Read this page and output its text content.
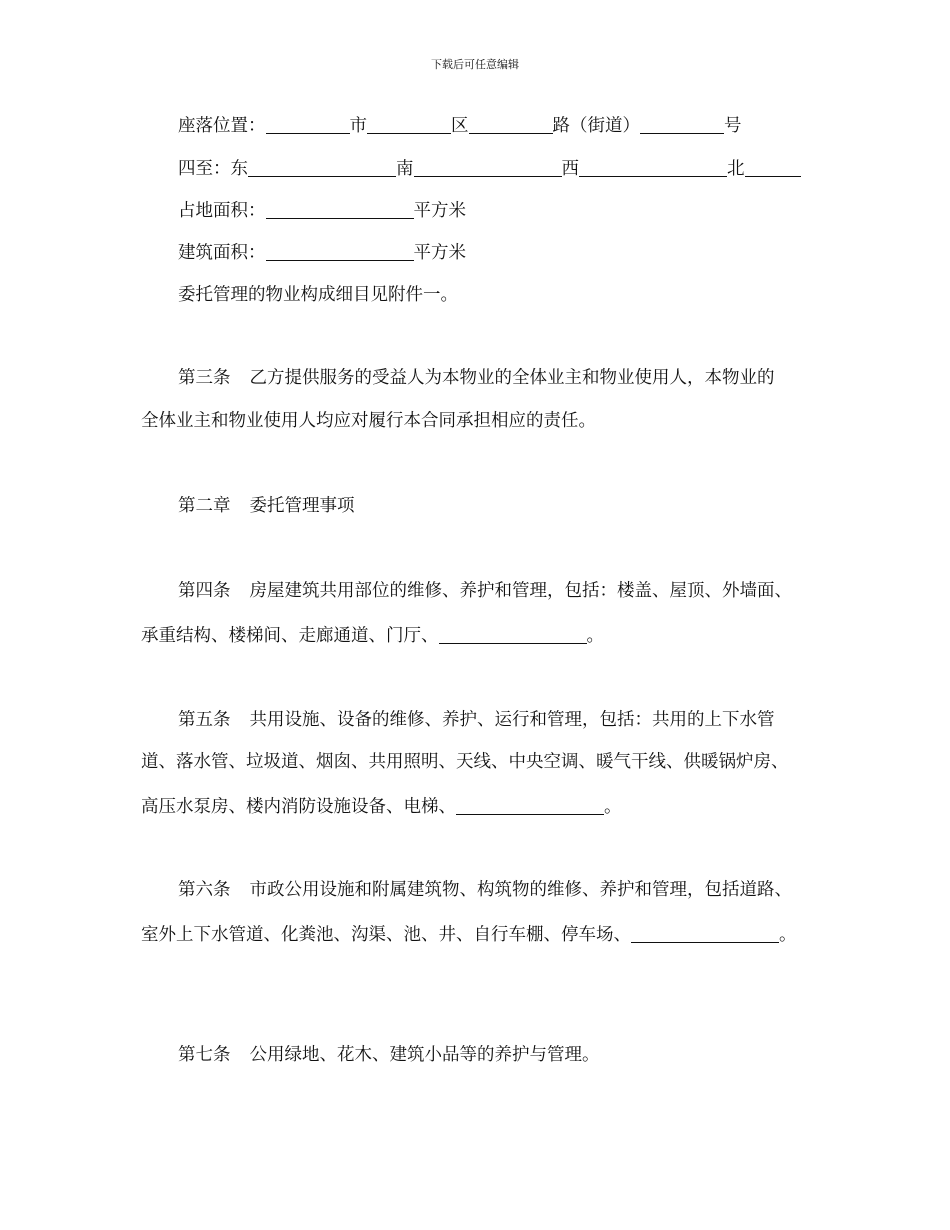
下载后可任意编辑
座落位置：	市	区	路（街道）	号
四至：东	南	西	北
占地面积：	平方米
建筑面积：	平方米
委托管理的物业构成细目见附件一。
第三条 乙方提供服务的受益人为本物业的全体业主和物业使用人，本物业的
全体业主和物业使用人均应对履行本合同承担相应的责任。
第二章 委托管理事项
第四条 房屋建筑共用部位的维修、养护和管理，包括：楼盖、屋顶、外墙面、
承重结构、楼梯间、走廊通道、门厅、	。
第五条 共用设施、设备的维修、养护、运行和管理，包括：共用的上下水管
道、落水管、垃圾道、烟囱、共用照明、天线、中央空调、暖气干线、供暖锅炉房、
高压水泵房、楼内消防设施设备、电梯、	。
第六条 市政公用设施和附属建筑物、构筑物的维修、养护和管理，包括道路、
室外上下水管道、化粪池、沟渠、池、井、自行车棚、停车场、	。
第七条 公用绿地、花木、建筑小品等的养护与管理。
